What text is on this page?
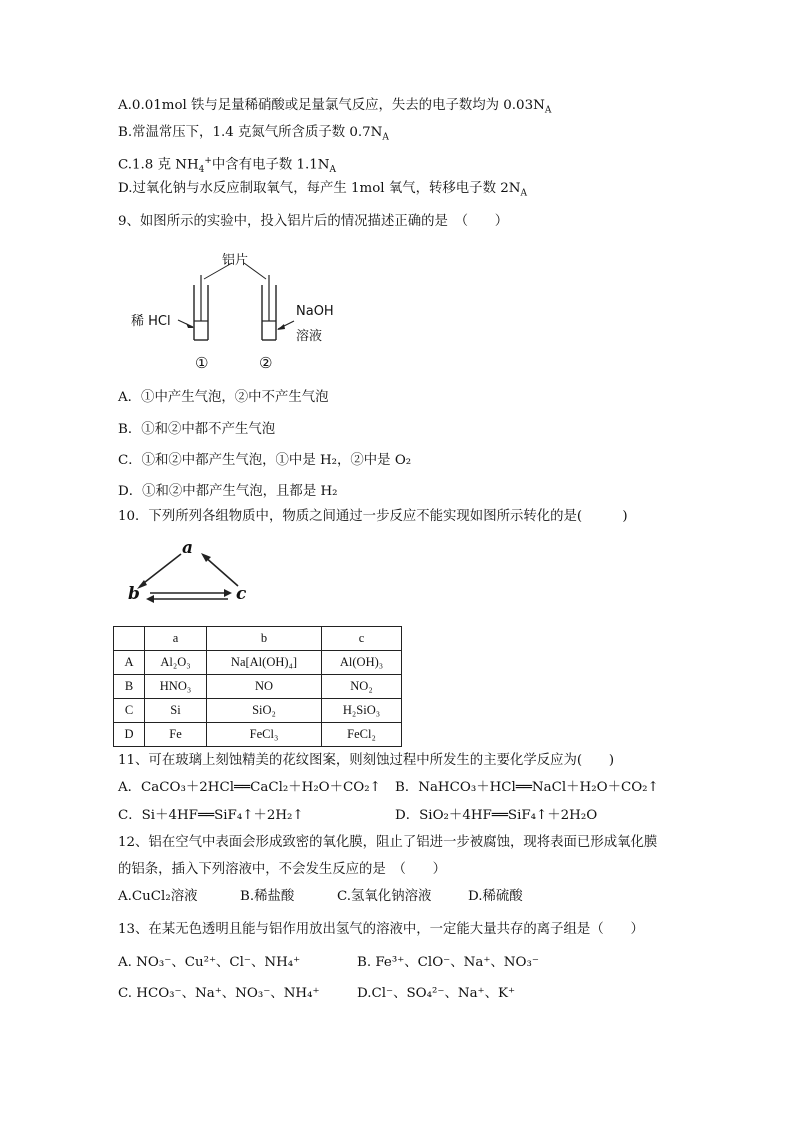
A.0.01mol 铁与足量稀硝酸或足量氯气反应，失去的电子数均为 $0.03N_A$
B.常温常压下，1.4 克氮气所含质子数 $0.7N_A$
C.1.8 克 $NH_4^+$中含有电子数 $1.1N_A$
D.过氧化钠与水反应制取氧气，每产生 1mol 氧气，转移电子数 $2N_A$
9、如图所示的实验中，投入铝片后的情况描述正确的是　（　　）
铝片
稀 HCl
NaOH
溶液
①	②
A．①中产生气泡，②中不产生气泡
B．①和②中都不产生气泡
C．①和②中都产生气泡，①中是 H₂，②中是 O₂
D．①和②中都产生气泡，且都是 H₂
10．下列所列各组物质中，物质之间通过一步反应不能实现如图所示转化的是(　　　)
a
b	c
	a	b	c
A	Al₂O₃	Na[Al(OH)₄]	Al(OH)₃
B	HNO₃	NO	NO₂
C	Si	SiO₂	H₂SiO₃
D	Fe	FeCl₃	FeCl₂
11、可在玻璃上刻蚀精美的花纹图案，则刻蚀过程中所发生的主要化学反应为(　　)
A．CaCO₃＋2HCl══CaCl₂＋H₂O＋CO₂↑ B．NaHCO₃＋HCl══NaCl＋H₂O＋CO₂↑
C．Si＋4HF══SiF₄↑＋2H₂↑	D．SiO₂＋4HF══SiF₄↑＋2H₂O
12、铝在空气中表面会形成致密的氧化膜，阻止了铝进一步被腐蚀，现将表面已形成氧化膜
的铝条，插入下列溶液中，不会发生反应的是　（　　）
A.CuCl₂溶液	B.稀盐酸	C.氢氧化钠溶液	D.稀硫酸
13、在某无色透明且能与铝作用放出氢气的溶液中，一定能大量共存的离子组是（　　）
A. NO₃⁻、Cu²⁺、Cl⁻、NH₄⁺	B. Fe³⁺、ClO⁻、Na⁺、NO₃⁻
C. HCO₃⁻、Na⁺、NO₃⁻、NH₄⁺	D.Cl⁻、SO₄²⁻、Na⁺、K⁺
